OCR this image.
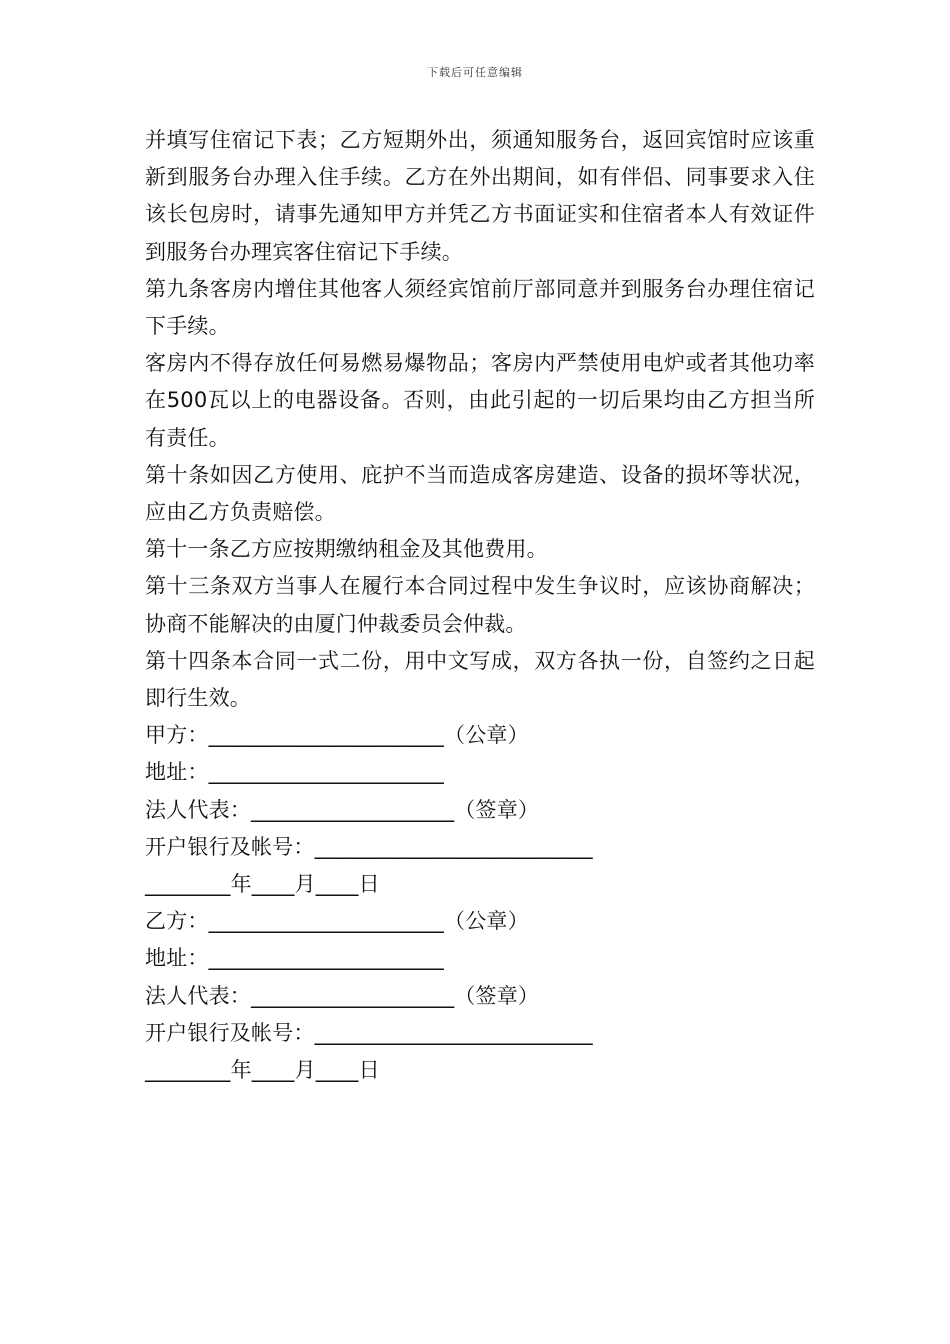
下载后可任意编辑

并填写住宿记下表；乙方短期外出，须通知服务台，返回宾馆时应该重新到服务台办理入住手续。乙方在外出期间，如有伴侣、同事要求入住该长包房时，请事先通知甲方并凭乙方书面证实和住宿者本人有效证件到服务台办理宾客住宿记下手续。

第九条客房内增住其他客人须经宾馆前厅部同意并到服务台办理住宿记下手续。

客房内不得存放任何易燃易爆物品；客房内严禁使用电炉或者其他功率在500瓦以上的电器设备。否则，由此引起的一切后果均由乙方担当所有责任。

第十条如因乙方使用、庇护不当而造成客房建造、设备的损坏等状况，应由乙方负责赔偿。

第十一条乙方应按期缴纳租金及其他费用。

第十三条双方当事人在履行本合同过程中发生争议时，应该协商解决；协商不能解决的由厦门仲裁委员会仲裁。

第十四条本合同一式二份，用中文写成，双方各执一份，自签约之日起即行生效。

甲方：______________________（公章）

地址：______________________

法人代表：___________________（签章）

开户银行及帐号：__________________________

________年____月____日

乙方：______________________（公章）

地址：______________________

法人代表：___________________（签章）

开户银行及帐号：__________________________

________年____月____日
